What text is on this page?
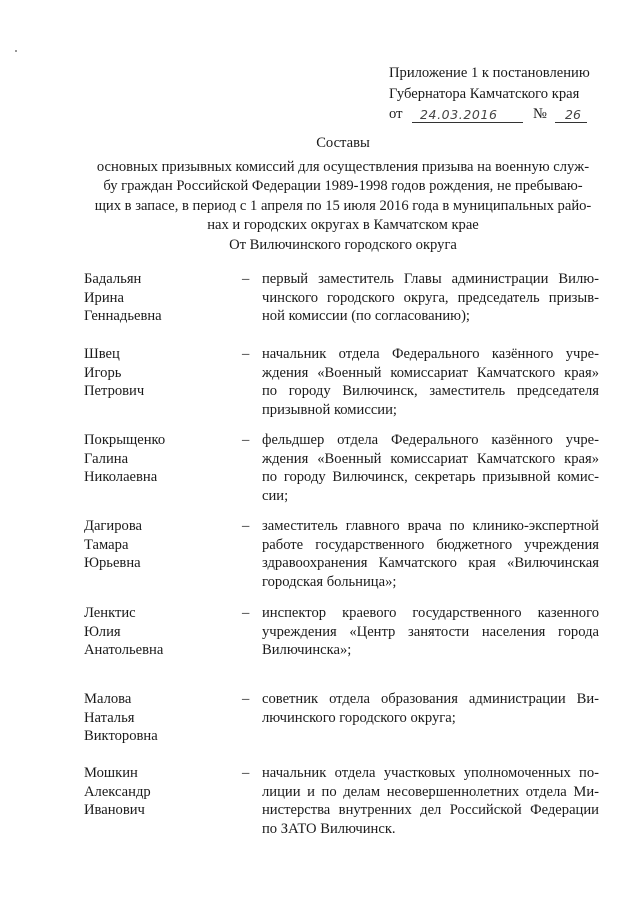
Приложение 1 к постановлению
Губернатора Камчатского края
от 24.03.2016 № 26
Составы
основных призывных комиссий для осуществления призыва на военную служ-
бу граждан Российской Федерации 1989-1998 годов рождения, не пребываю-
щих в запасе, в период с 1 апреля по 15 июля 2016 года в муниципальных райо-
нах и городских округах в Камчатском крае
От Вилючинского городского округа
Бадальян
Ирина
Геннадьевна
– первый заместитель Главы администрации Вилю-
чинского городского округа, председатель призыв-
ной комиссии (по согласованию);
Швец
Игорь
Петрович
– начальник отдела Федерального казённого учре-
ждения «Военный комиссариат Камчатского края»
по городу Вилючинск, заместитель председателя
призывной комиссии;
Покрыщенко
Галина
Николаевна
– фельдшер отдела Федерального казённого учре-
ждения «Военный комиссариат Камчатского края»
по городу Вилючинск, секретарь призывной комис-
сии;
Дагирова
Тамара
Юрьевна
– заместитель главного врача по клинико-экспертной
работе государственного бюджетного учреждения
здравоохранения Камчатского края «Вилючинская
городская больница»;
Ленктис
Юлия
Анатольевна
– инспектор краевого государственного казенного
учреждения «Центр занятости населения города
Вилючинска»;
Малова
Наталья
Викторовна
– советник отдела образования администрации Ви-
лючинского городского округа;
Мошкин
Александр
Иванович
– начальник отдела участковых уполномоченных по-
лиции и по делам несовершеннолетних отдела Ми-
нистерства внутренних дел Российской Федерации
по ЗАТО Вилючинск.
